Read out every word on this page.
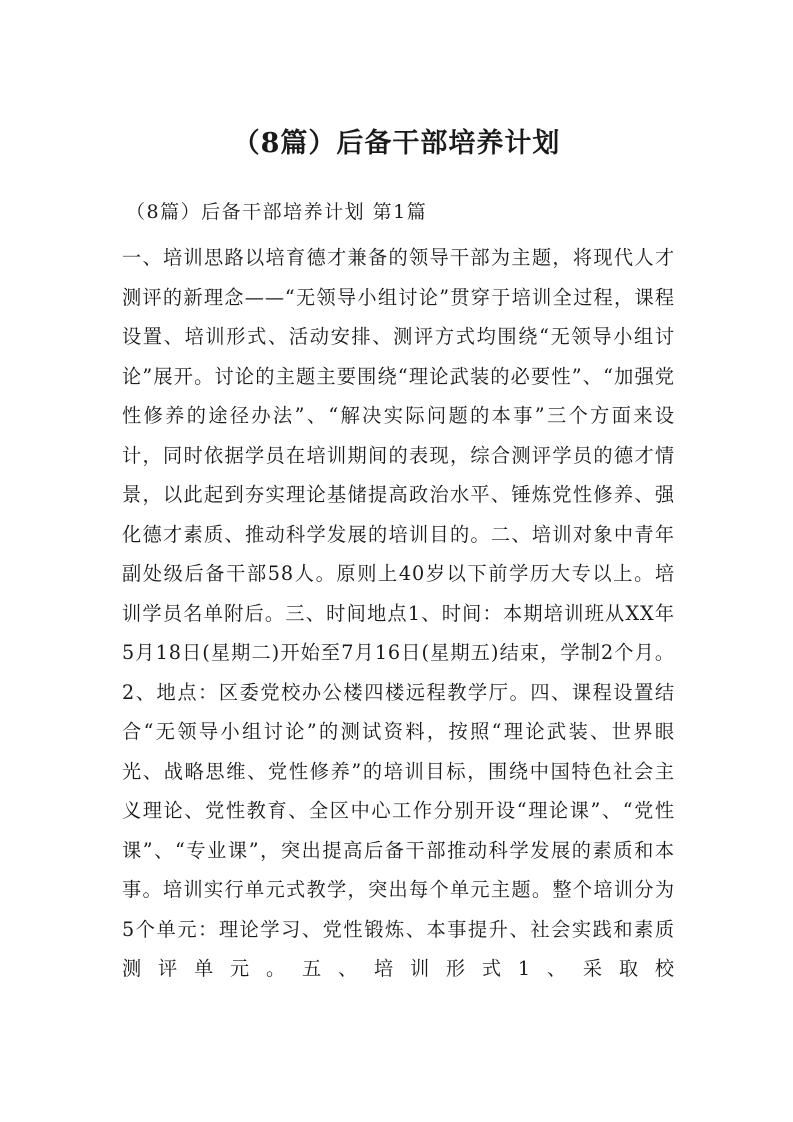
（8篇）后备干部培养计划

（8篇）后备干部培养计划 第1篇

一、培训思路以培育德才兼备的领导干部为主题，将现代人才测评的新理念——“无领导小组讨论”贯穿于培训全过程，课程设置、培训形式、活动安排、测评方式均围绕“无领导小组讨论”展开。讨论的主题主要围绕“理论武装的必要性”、“加强党性修养的途径办法”、“解决实际问题的本事”三个方面来设计，同时依据学员在培训期间的表现，综合测评学员的德才情景，以此起到夯实理论基储提高政治水平、锤炼党性修养、强化德才素质、推动科学发展的培训目的。二、培训对象中青年副处级后备干部58人。原则上40岁以下前学历大专以上。培训学员名单附后。三、时间地点1、时间：本期培训班从XX年5月18日(星期二)开始至7月16日(星期五)结束，学制2个月。2、地点：区委党校办公楼四楼远程教学厅。四、课程设置结合“无领导小组讨论”的测试资料，按照“理论武装、世界眼光、战略思维、党性修养”的培训目标，围绕中国特色社会主义理论、党性教育、全区中心工作分别开设“理论课”、“党性课”、“专业课”，突出提高后备干部推动科学发展的素质和本事。培训实行单元式教学，突出每个单元主题。整个培训分为5个单元：理论学习、党性锻炼、本事提升、社会实践和素质测评单元。五、培训形式1、采取校
